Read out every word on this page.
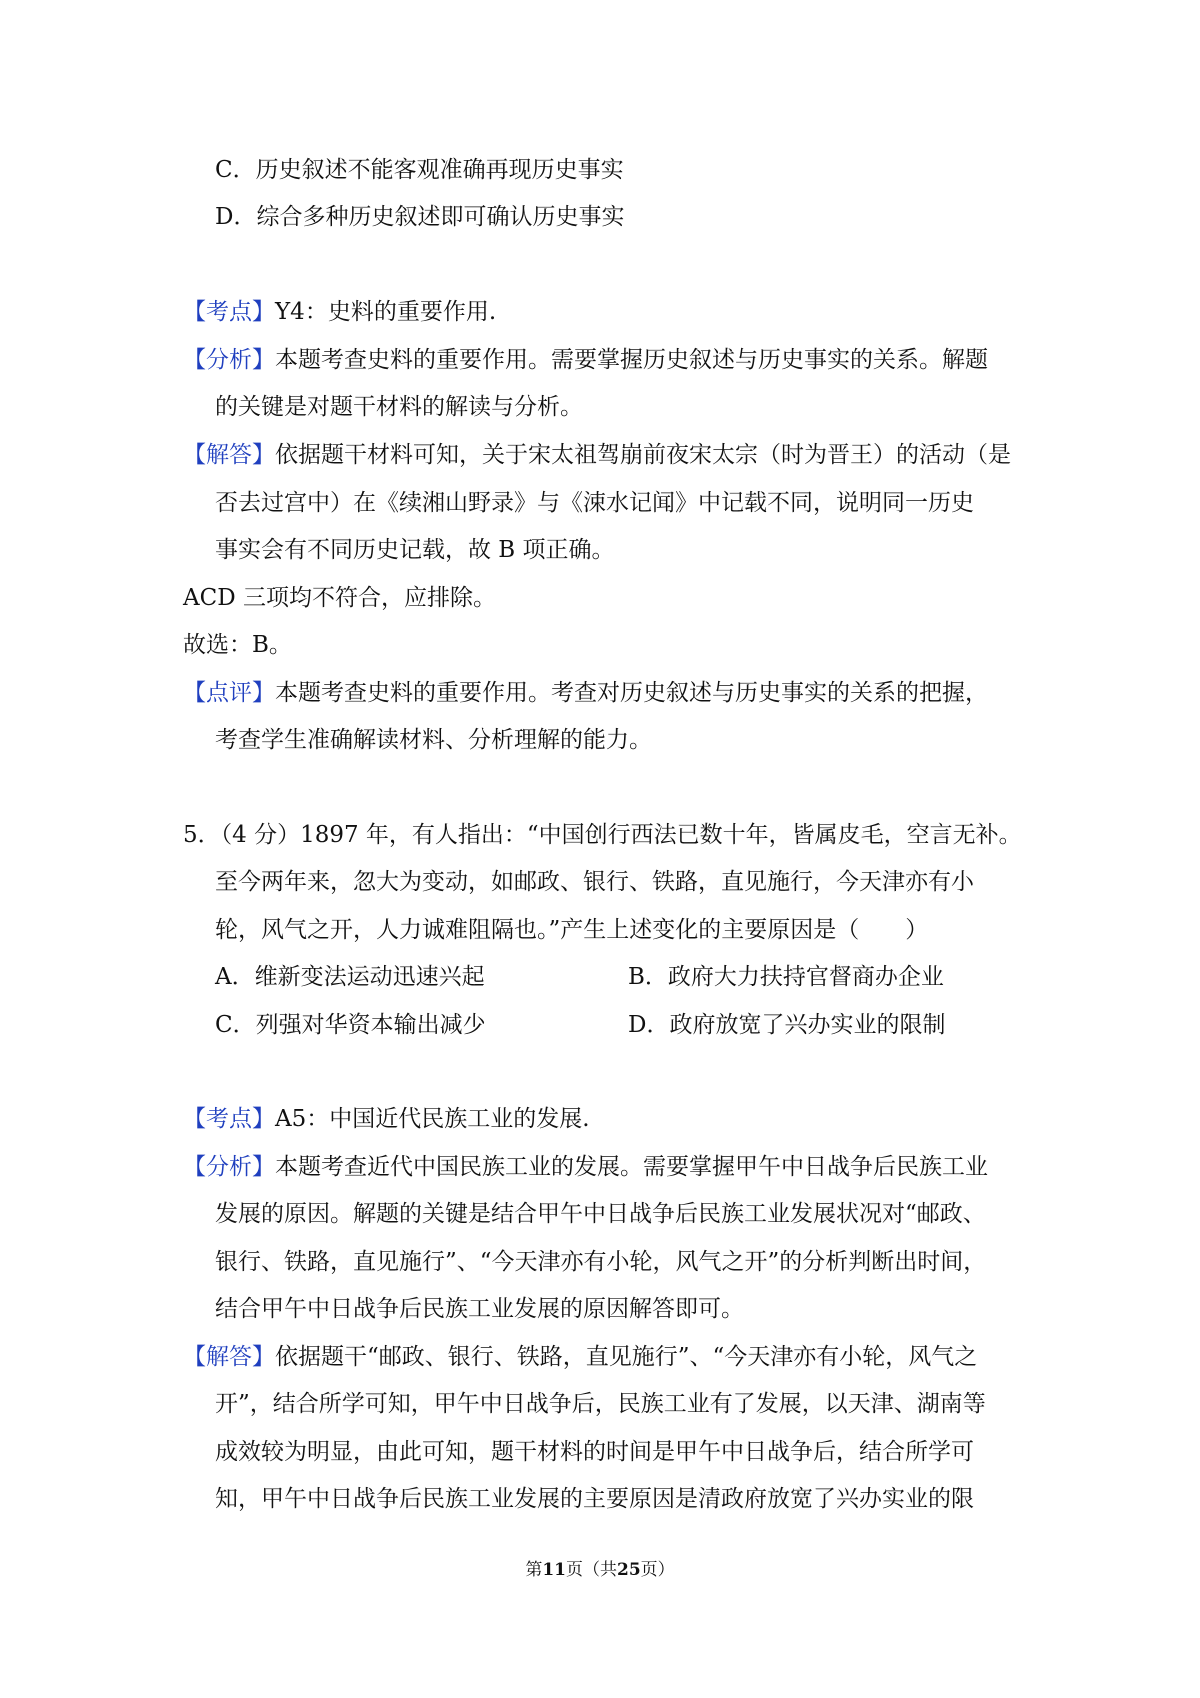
C．历史叙述不能客观准确再现历史事实
D．综合多种历史叙述即可确认历史事实
【考点】Y4：史料的重要作用.
【分析】本题考查史料的重要作用。需要掌握历史叙述与历史事实的关系。解题
的关键是对题干材料的解读与分析。
【解答】依据题干材料可知，关于宋太祖驾崩前夜宋太宗（时为晋王）的活动（是
否去过宫中）在《续湘山野录》与《涑水记闻》中记载不同，说明同一历史
事实会有不同历史记载，故 B 项正确。
ACD 三项均不符合，应排除。
故选：B。
【点评】本题考查史料的重要作用。考查对历史叙述与历史事实的关系的把握，
考查学生准确解读材料、分析理解的能力。
5．（4 分）1897 年，有人指出：“中国创行西法已数十年，皆属皮毛，空言无补。
至今两年来，忽大为变动，如邮政、银行、铁路，直见施行，今天津亦有小
轮，风气之开，人力诚难阻隔也。”产生上述变化的主要原因是（　　）
A．维新变法运动迅速兴起	B．政府大力扶持官督商办企业
C．列强对华资本输出减少	D．政府放宽了兴办实业的限制
【考点】A5：中国近代民族工业的发展.
【分析】本题考查近代中国民族工业的发展。需要掌握甲午中日战争后民族工业
发展的原因。解题的关键是结合甲午中日战争后民族工业发展状况对“邮政、
银行、铁路，直见施行”、“今天津亦有小轮，风气之开”的分析判断出时间，
结合甲午中日战争后民族工业发展的原因解答即可。
【解答】依据题干“邮政、银行、铁路，直见施行”、“今天津亦有小轮，风气之
开”，结合所学可知，甲午中日战争后，民族工业有了发展，以天津、湖南等
成效较为明显，由此可知，题干材料的时间是甲午中日战争后，结合所学可
知，甲午中日战争后民族工业发展的主要原因是清政府放宽了兴办实业的限
第11页（共25页）
